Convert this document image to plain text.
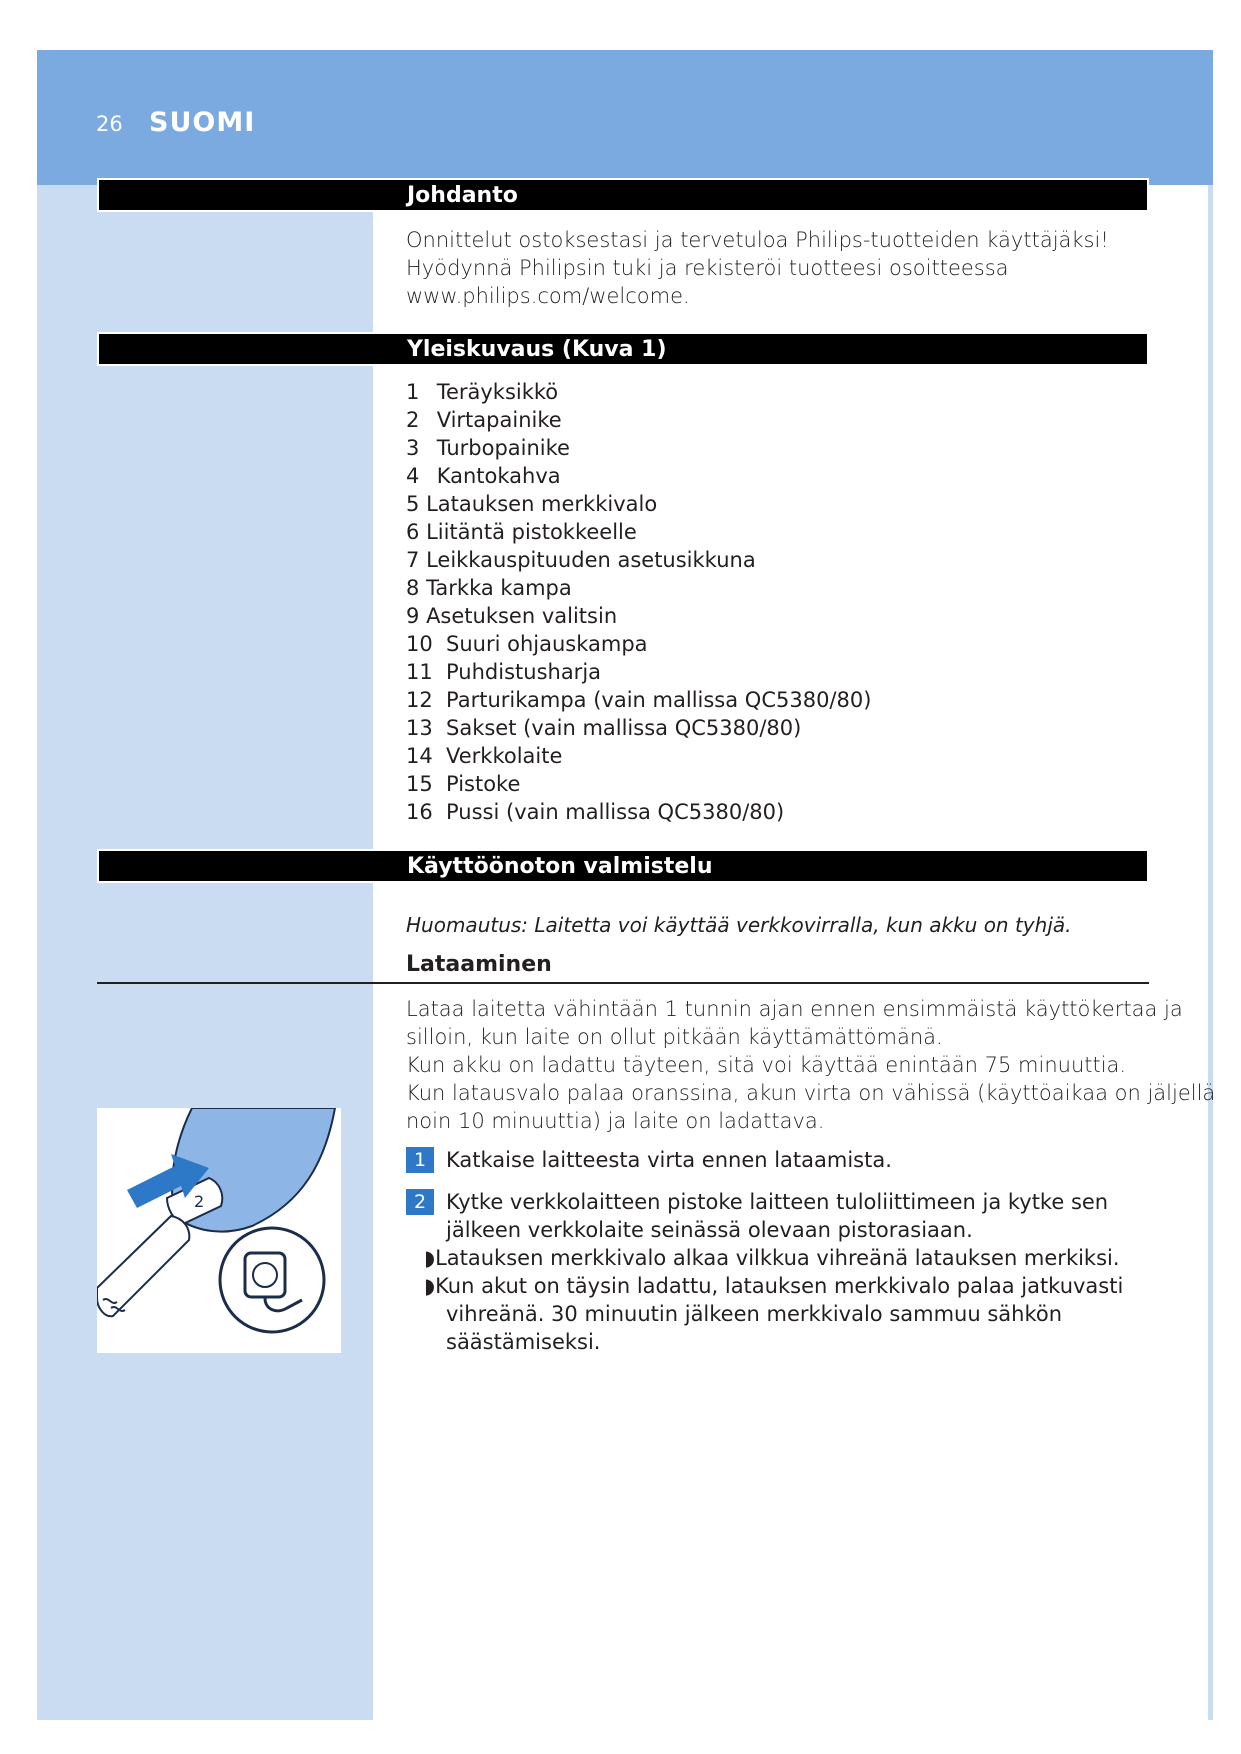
26 SUOMI
Johdanto
Onnittelut ostoksestasi ja tervetuloa Philips-tuotteiden käyttäjäksi!
Hyödynnä Philipsin tuki ja rekisteröi tuotteesi osoitteessa
www.philips.com/welcome.
Yleiskuvaus (Kuva 1)
1 Teräyksikkö
2 Virtapainike
3 Turbopainike
4 Kantokahva
5 Latauksen merkkivalo
6 Liitäntä pistokkeelle
7 Leikkauspituuden asetusikkuna
8 Tarkka kampa
9 Asetuksen valitsin
10 Suuri ohjauskampa
11 Puhdistusharja
12 Parturikampa (vain mallissa QC5380/80)
13 Sakset (vain mallissa QC5380/80)
14 Verkkolaite
15 Pistoke
16 Pussi (vain mallissa QC5380/80)
Käyttöönoton valmistelu
Huomautus: Laitetta voi käyttää verkkovirralla, kun akku on tyhjä.
Lataaminen
Lataa laitetta vähintään 1 tunnin ajan ennen ensimmäistä käyttökertaa ja
silloin, kun laite on ollut pitkään käyttämättömänä.
Kun akku on ladattu täyteen, sitä voi käyttää enintään 75 minuuttia.
Kun latausvalo palaa oranssina, akun virta on vähissä (käyttöaikaa on jäljellä
noin 10 minuuttia) ja laite on ladattava.
1 Katkaise laitteesta virta ennen lataamista.
2 Kytke verkkolaitteen pistoke laitteen tuloliittimeen ja kytke sen
jälkeen verkkolaite seinässä olevaan pistorasiaan.
◗Latauksen merkkivalo alkaa vilkkua vihreänä latauksen merkiksi.
◗Kun akut on täysin ladattu, latauksen merkkivalo palaa jatkuvasti
vihreänä. 30 minuutin jälkeen merkkivalo sammuu sähkön
säästämiseksi.
2
